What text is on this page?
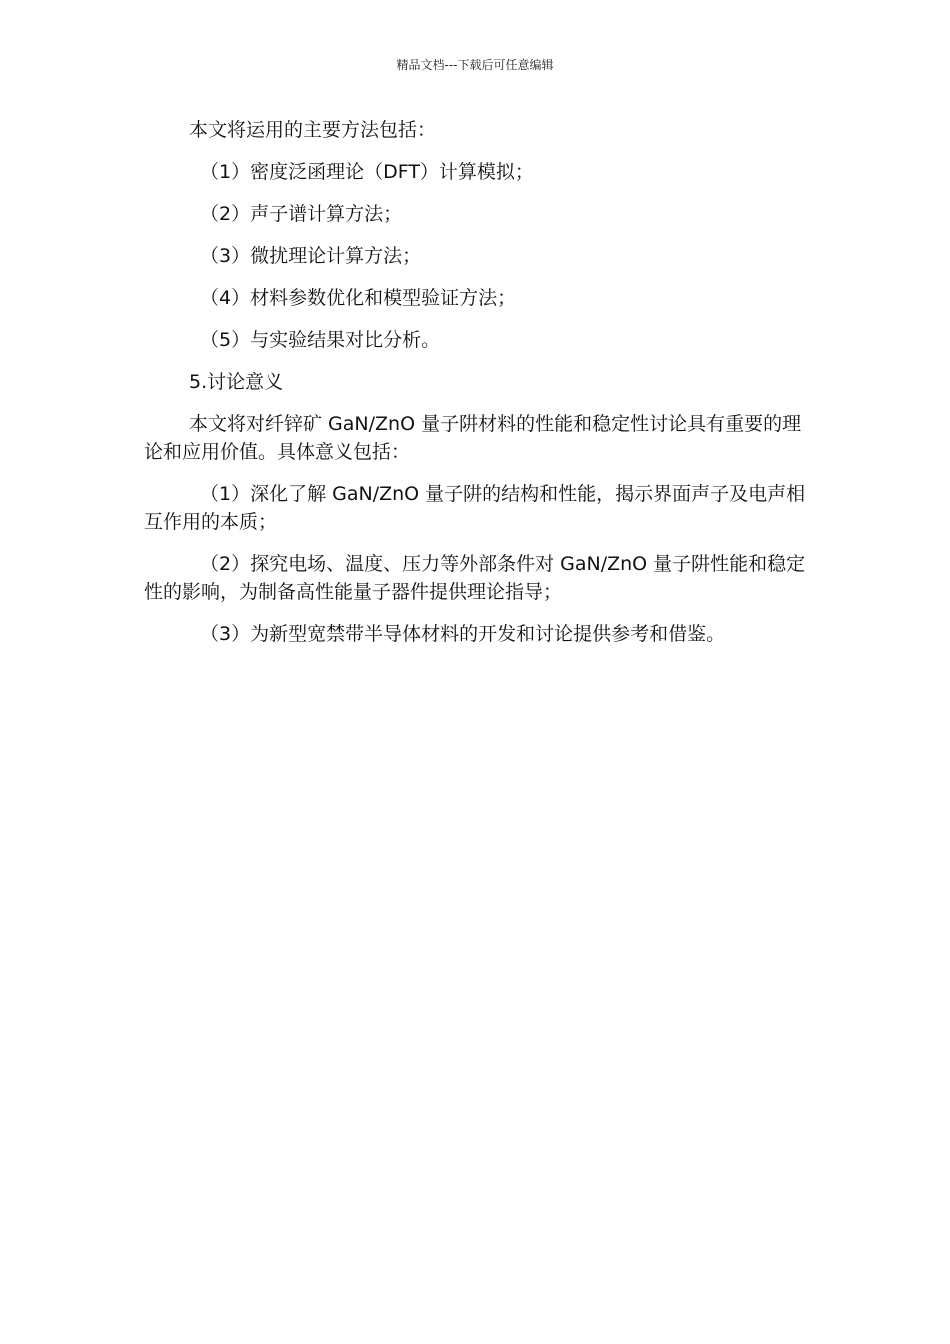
精品文档---下载后可任意编辑

本文将运用的主要方法包括：

（1）密度泛函理论（DFT）计算模拟；

（2）声子谱计算方法；

（3）微扰理论计算方法；

（4）材料参数优化和模型验证方法；

（5）与实验结果对比分析。

5.讨论意义

本文将对纤锌矿 GaN/ZnO 量子阱材料的性能和稳定性讨论具有重要的理论和应用价值。具体意义包括：

（1）深化了解 GaN/ZnO 量子阱的结构和性能，揭示界面声子及电声相互作用的本质；

（2）探究电场、温度、压力等外部条件对 GaN/ZnO 量子阱性能和稳定性的影响，为制备高性能量子器件提供理论指导；

（3）为新型宽禁带半导体材料的开发和讨论提供参考和借鉴。
